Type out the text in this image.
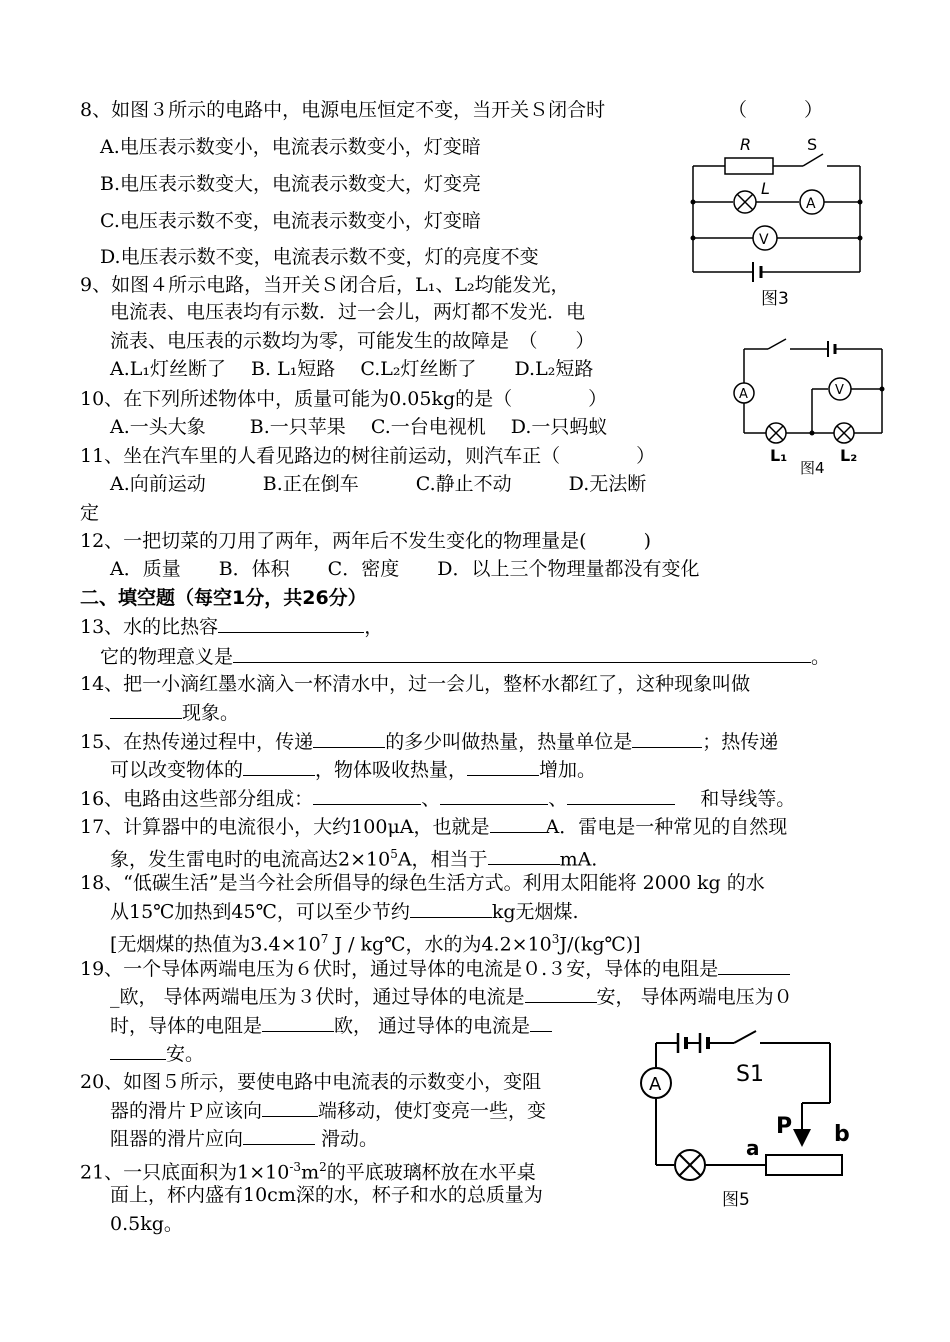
8、如图３所示的电路中，电源电压恒定不变，当开关Ｓ闭合时	（　　　）
A.电压表示数变小，电流表示数变小，灯变暗
B.电压表示数变大，电流表示数变大，灯变亮
C.电压表示数不变，电流表示数变小，灯变暗
D.电压表示数不变，电流表示数不变，灯的亮度不变
R	S
L
A
V
图3
9、如图４所示电路，当开关Ｓ闭合后，L₁、L₂均能发光，
电流表、电压表均有示数．过一会儿，两灯都不发光．电
流表、电压表的示数均为零，可能发生的故障是　（　　）
A.L₁灯丝断了　 B. L₁短路　 C.L₂灯丝断了　　D.L₂短路
A	V
L₁	L₂
图4
10、在下列所述物体中，质量可能为0.05kg的是（　　　　）
A.一头大象　　 B.一只苹果　 C.一台电视机　 D.一只蚂蚁
11、坐在汽车里的人看见路边的树往前运动，则汽车正（　　　　）
A.向前运动　　　B.正在倒车　　　C.静止不动　　　D.无法断
定
12、一把切菜的刀用了两年，两年后不发生变化的物理量是(　　　)
A．质量　　B．体积　　C．密度　　D．以上三个物理量都没有变化
二、填空题（每空1分，共26分）
13、水的比热容	，
它的物理意义是	。
14、把一小滴红墨水滴入一杯清水中，过一会儿，整杯水都红了，这种现象叫做
现象。
15、在热传递过程中，传递	的多少叫做热量，热量单位是	；热传递
可以改变物体的	，物体吸收热量，	增加。
16、电路由这些部分组成：	、	、　	和导线等。
17、计算器中的电流很小，大约100μA，也就是	A．雷电是一种常见的自然现
象，发生雷电时的电流高达$2\times 10^5A$，相当于	mA.
18、“低碳生活”是当今社会所倡导的绿色生活方式。利用太阳能将 2000 kg 的水
从15℃加热到45℃，可以至少节约	kg无烟煤.
[无烟煤的热值为$3.4\times 10^7$ J / kg℃，水的为$4.2\times 10^3J/(kg℃)$]
19、一个导体两端电压为６伏时，通过导体的电流是０.３安，导体的电阻是
_欧， 导体两端电压为３伏时，通过导体的电流是	安， 导体两端电压为０
时，导体的电阻是	欧， 通过导体的电流是
安。
20、如图５所示，要使电路中电流表的示数变小，变阻
器的滑片Ｐ应该向	端移动，使灯变亮一些，变
阻器的滑片应向	滑动。
A	S1
P b
a
图5
21、一只底面积为$1\times 10^{-3}m^2$的平底玻璃杯放在水平桌
面上，杯内盛有10cm深的水，杯子和水的总质量为
0.5kg。
